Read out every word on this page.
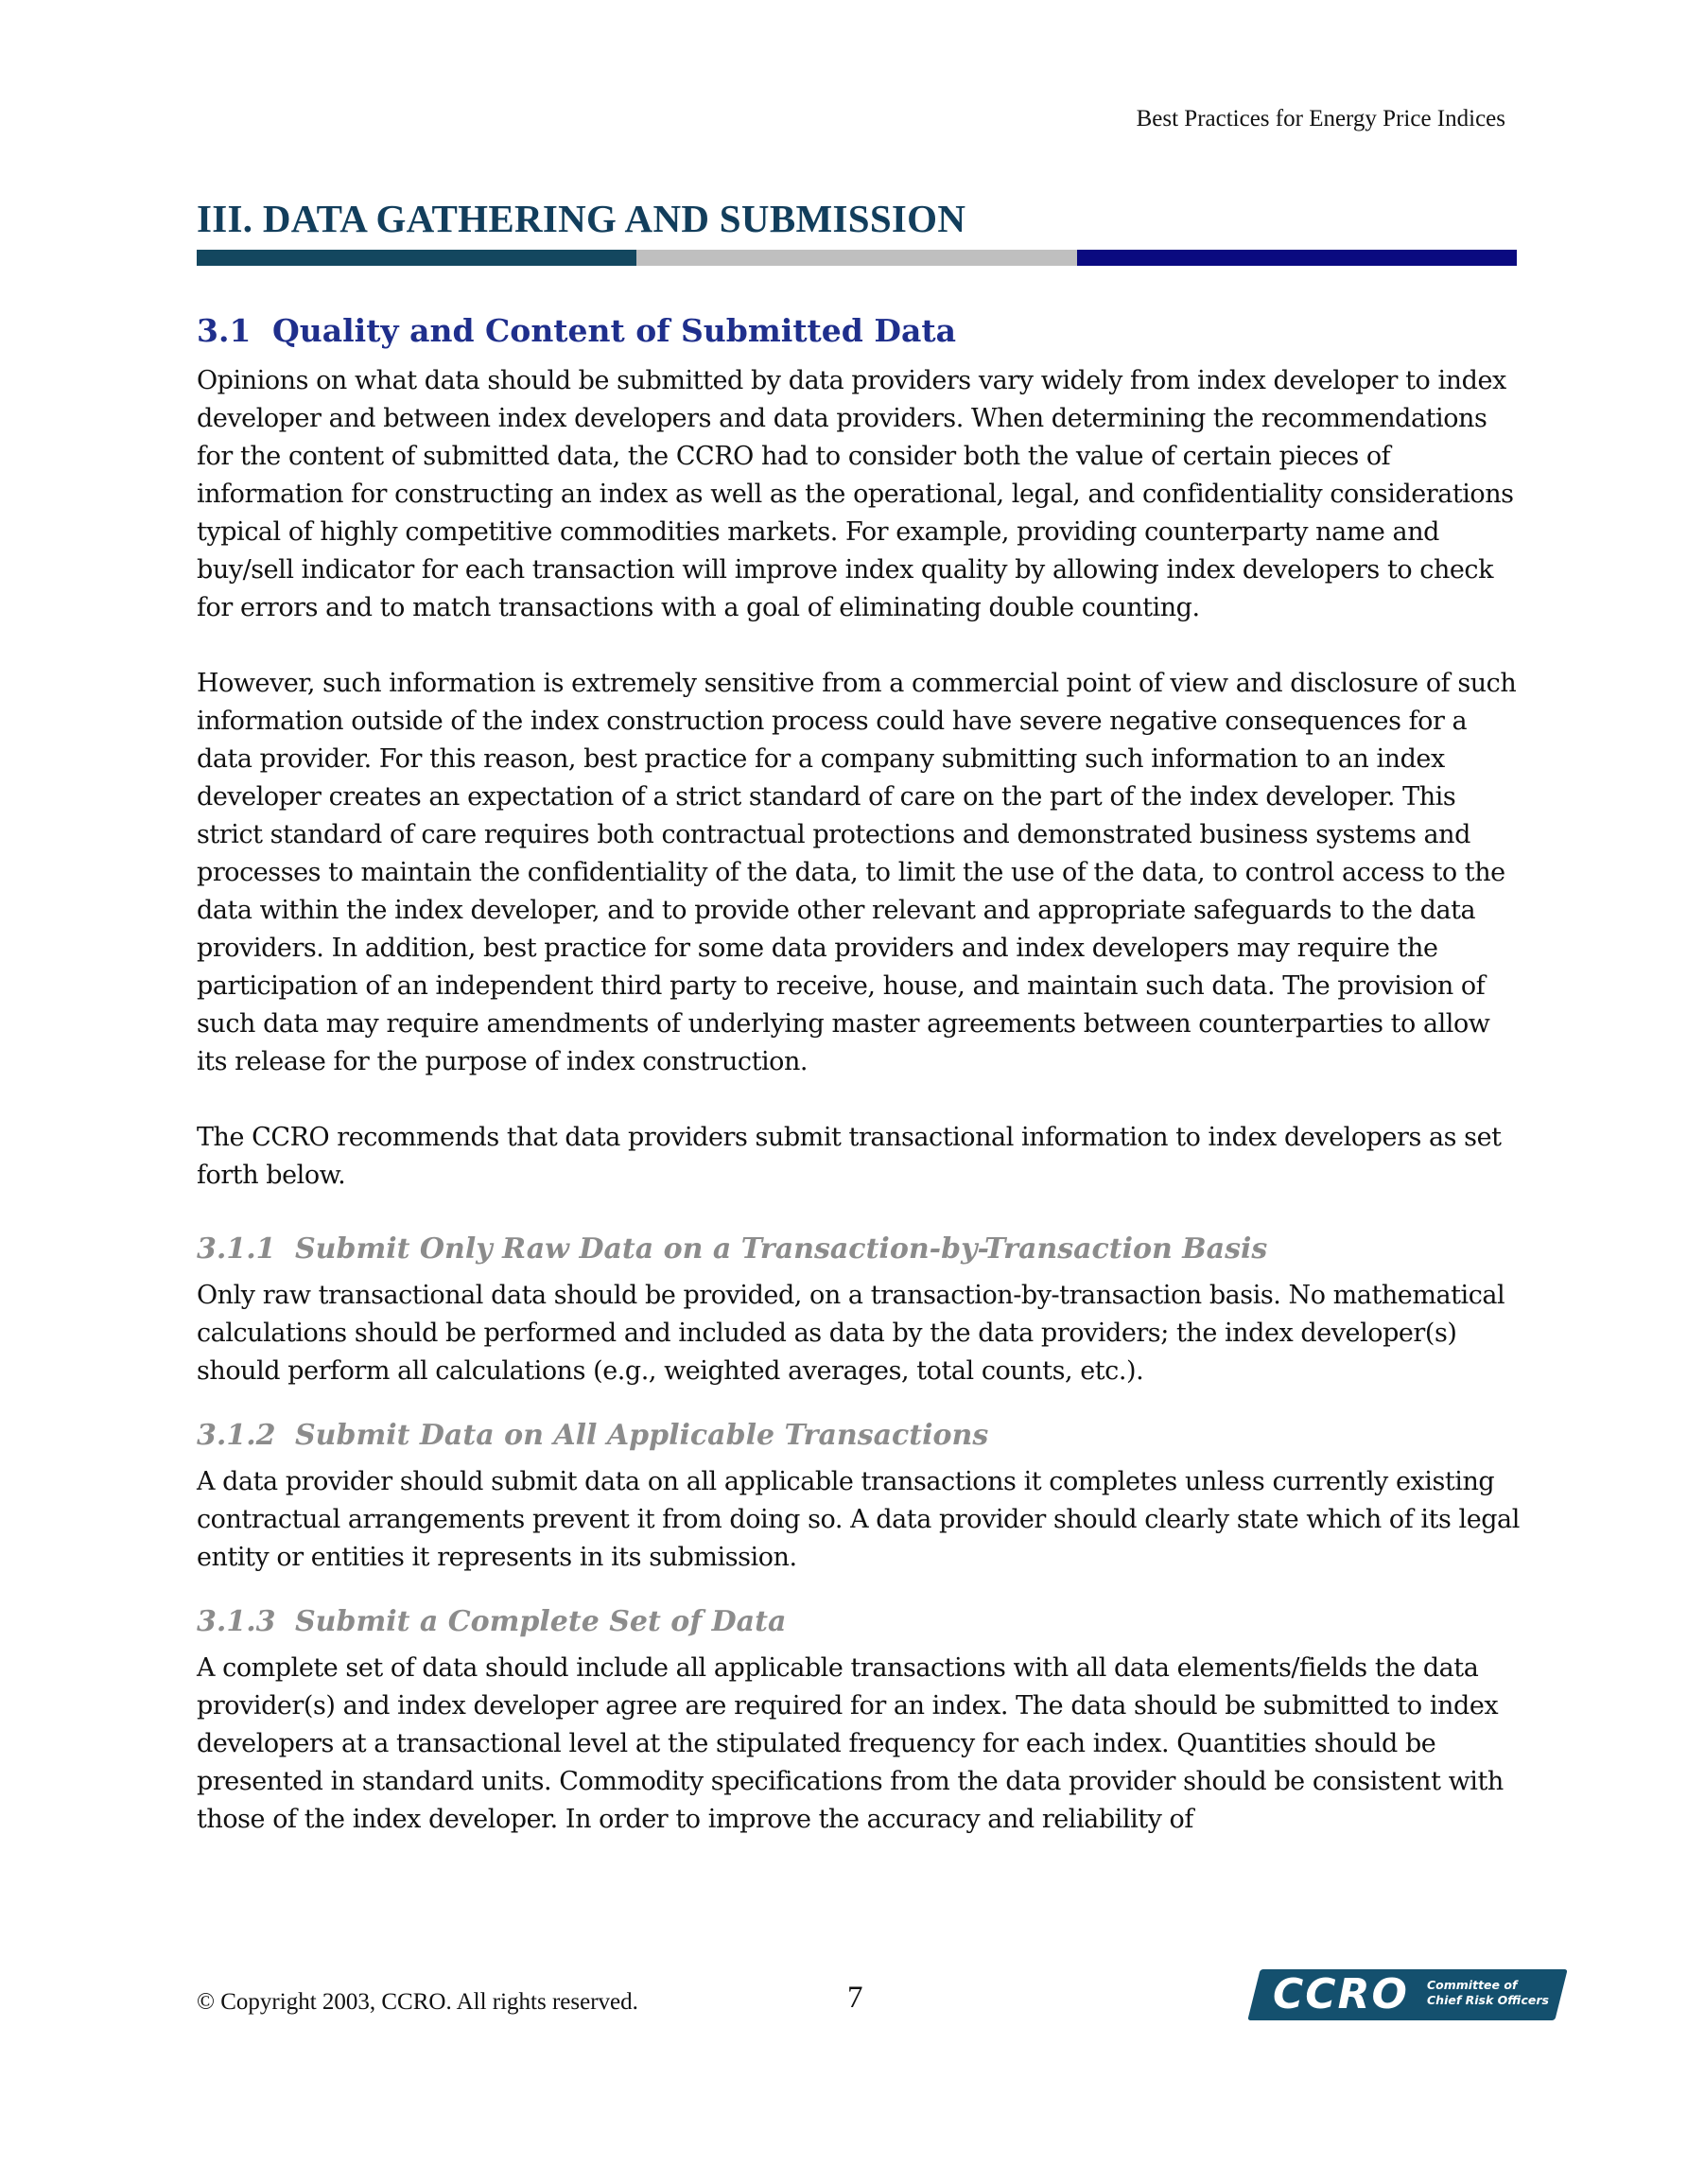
Best Practices for Energy Price Indices
III. DATA GATHERING AND SUBMISSION
3.1 Quality and Content of Submitted Data

Opinions on what data should be submitted by data providers vary widely from index developer to index developer and between index developers and data providers. When determining the recommendations for the content of submitted data, the CCRO had to consider both the value of certain pieces of information for constructing an index as well as the operational, legal, and confidentiality considerations typical of highly competitive commodities markets. For example, providing counterparty name and buy/sell indicator for each transaction will improve index quality by allowing index developers to check for errors and to match transactions with a goal of eliminating double counting.

However, such information is extremely sensitive from a commercial point of view and disclosure of such information outside of the index construction process could have severe negative consequences for a data provider. For this reason, best practice for a company submitting such information to an index developer creates an expectation of a strict standard of care on the part of the index developer. This strict standard of care requires both contractual protections and demonstrated business systems and processes to maintain the confidentiality of the data, to limit the use of the data, to control access to the data within the index developer, and to provide other relevant and appropriate safeguards to the data providers. In addition, best practice for some data providers and index developers may require the participation of an independent third party to receive, house, and maintain such data. The provision of such data may require amendments of underlying master agreements between counterparties to allow its release for the purpose of index construction.

The CCRO recommends that data providers submit transactional information to index developers as set forth below.

3.1.1 Submit Only Raw Data on a Transaction-by-Transaction Basis

Only raw transactional data should be provided, on a transaction-by-transaction basis. No mathematical calculations should be performed and included as data by the data providers; the index developer(s) should perform all calculations (e.g., weighted averages, total counts, etc.).

3.1.2 Submit Data on All Applicable Transactions

A data provider should submit data on all applicable transactions it completes unless currently existing contractual arrangements prevent it from doing so. A data provider should clearly state which of its legal entity or entities it represents in its submission.

3.1.3 Submit a Complete Set of Data

A complete set of data should include all applicable transactions with all data elements/fields the data provider(s) and index developer agree are required for an index. The data should be submitted to index developers at a transactional level at the stipulated frequency for each index. Quantities should be presented in standard units. Commodity specifications from the data provider should be consistent with those of the index developer. In order to improve the accuracy and reliability of

© Copyright 2003, CCRO. All rights reserved.	7	CCRO Committee of
Chief Risk Officers
